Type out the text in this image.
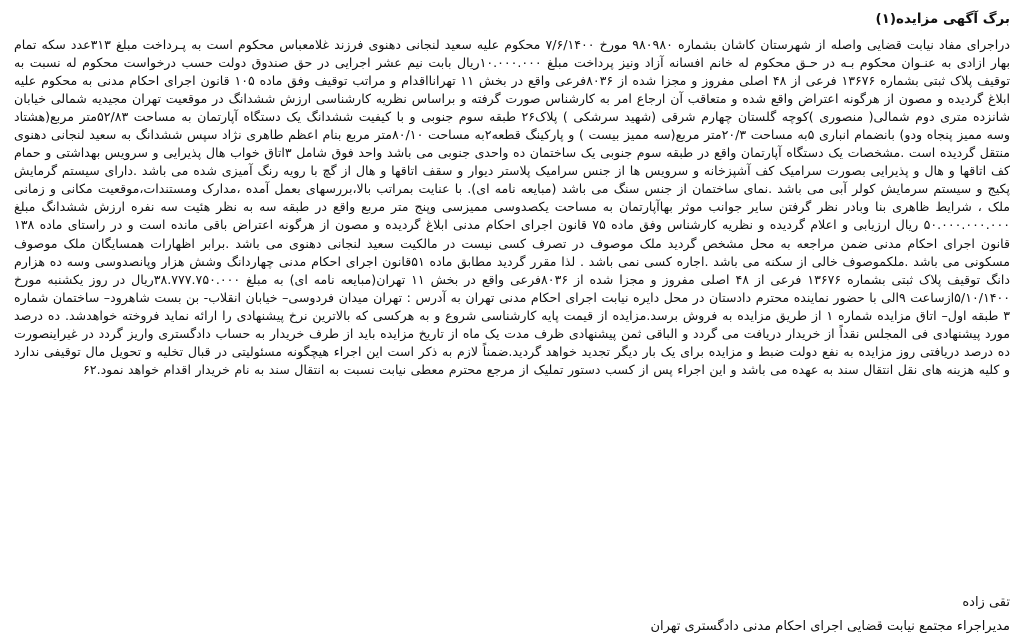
برگ آگهی مزایده(۱)

دراجرای مفاد نیابت قضایی واصله از شهرستان کاشان بشماره ۹۸۰۹۸۰ مورخ ۷/۶/۱۴۰۰ محکوم علیه سعید لنجانی دهنوی فرزند غلامعباس محکوم است به پـرداخت مبلغ ۳۱۳عدد سکه تمام بهار ازادی به عنـوان محکوم بـه در حـق محکوم له خانم افسانه آزاد ونیز پرداخت مبلغ ۱۰.۰۰۰.۰۰۰ریال بابت نیم عشر اجرایی در حق صندوق دولت حسب درخواست محکوم له نسبت به توقیف پلاک ثبتی بشماره ۱۳۶۷۶ فرعی از ۴۸ اصلی مفروز و مجزا شده از ۸۰۳۶فرعی واقع در بخش ۱۱ تهرانااقدام و مراتب توقیف وفق ماده ۱۰۵ قانون اجرای احکام مدنی به محکوم علیه ابلاغ گردیده و مصون از هرگونه اعتراض واقع شده و متعاقب آن ارجاع امر به کارشناس صورت گرفته و براساس نظریه کارشناسی ارزش ششدانگ در موقعیت تهران مجیدیه شمالی خیابان شانزده متری دوم شمالی( منصوری )کوچه گلستان چهارم شرقی (شهید سرشکی ) پلاک۲۶ طبقه سوم جنوبی و با کیفیت ششدانگ یک دستگاه آپارتمان به مساحت ۵۲/۸۳متر مربع(هشتاد وسه ممیز پنجاه ودو) بانضمام انباری ۵به مساحت ۲۰/۳متر مربع(سه ممیز بیست ) و پارکینگ قطعه۲به مساحت ۸۰/۱۰متر مربع بنام اعظم طاهری نژاد سپس ششدانگ به سعید لنجانی دهنوی منتقل گردیده است .مشخصات یک دستگاه آپارتمان واقع در طبقه سوم جنوبی یک ساختمان ده واحدی جنوبی می باشد واحد فوق شامل ۳اتاق خواب هال پذیرایی و سرویس بهداشتی و حمام کف اتاقها و هال و پذیرایی بصورت سرامیک کف آشپزخانه و سرویس ها از جنس سرامیک پلاستر دیوار و سقف اتاقها و هال از گچ با رویه رنگ آمیزی شده می باشد .دارای سیستم گرمایش پکیج و سیستم سرمایش کولر آبی می باشد .نمای ساختمان از جنس سنگ می باشد (مبایعه نامه ای). با عنایت بمراتب بالا،بررسهای بعمل آمده ،مدارک ومستندات،موقعیت مکانی و زمانی ملک ، شرایط ظاهری بنا وبادر نظر گرفتن سایر جوانب موثر بهاآپارتمان به مساحت یکصدوسی ممیزسی وپنج متر مربع واقع در طبقه سه به نظر هئیت سه نفره ارزش ششدانگ مبلغ ۵۰.۰۰۰.۰۰۰.۰۰۰ ریال ارزیابی و اعلام گردیده و نظریه کارشناس وفق ماده ۷۵ قانون اجرای احکام مدنی ابلاغ گردیده و مصون از هرگونه اعتراض باقی مانده است و در راستای ماده ۱۳۸ قانون اجرای احکام مدنی ضمن مراجعه به محل مشخص گردید ملک موصوف در تصرف کسی نیست در مالکیت سعید لنجانی دهنوی می باشد .برابر اظهارات همسایگان ملک موصوف مسکونی می باشد .ملکموصوف خالی از سکنه می باشد .اجاره کسی نمی باشد . لذا مقرر گردید مطابق ماده ۵۱قانون اجرای احکام مدنی چهاردانگ وشش هزار وپانصدوسی وسه ده هزارم دانگ توقیف پلاک ثبتی بشماره ۱۳۶۷۶ فرعی از ۴۸ اصلی مفروز و مجزا شده از ۸۰۳۶فرعی واقع در بخش ۱۱ تهران(مبایعه نامه ای) به مبلغ ۳۸.۷۷۷.۷۵۰.۰۰۰ریال در روز یکشنبه مورخ ۵/۱۰/۱۴۰۰ازساعت ۹الی با حضور نماینده محترم دادستان در محل دایره نیابت اجرای احکام مدنی تهران به آدرس : تهران میدان فردوسی– خیابان انقلاب- بن بست شاهرود– ساختمان شماره ۳ طبقه اول– اتاق مزایده شماره ۱ از طریق مزایده به فروش برسد.مزایده از قیمت پایه کارشناسی شروع و به هرکسی که بالاترین نرخ پیشنهادی را ارائه نماید فروخته خواهدشد. ده درصد مورد پیشنهادی فی المجلس نقداً از خریدار دریافت می گردد و الباقی ثمن پیشنهادی ظرف مدت یک ماه از تاریخ مزایده باید از طرف خریدار به حساب دادگستری واریز گردد در غیراینصورت ده درصد دریافتی روز مزایده به نفع دولت ضبط و مزایده برای یک بار دیگر تجدید خواهد گردید.ضمناً لازم به ذکر است این اجراء هیچگونه مسئولیتی در قبال تخلیه و تحویل مال توقیفی ندارد و کلیه هزینه های نقل انتقال سند به عهده می باشد و این اجراء پس از کسب دستور تملیک از مرجع محترم معطی نیابت نسبت به انتقال سند به نام خریدار اقدام خواهد نمود.۶۲

تقی زاده

مدیراجراء مجتمع نیابت قضایی اجرای احکام مدنی دادگستری تهران
